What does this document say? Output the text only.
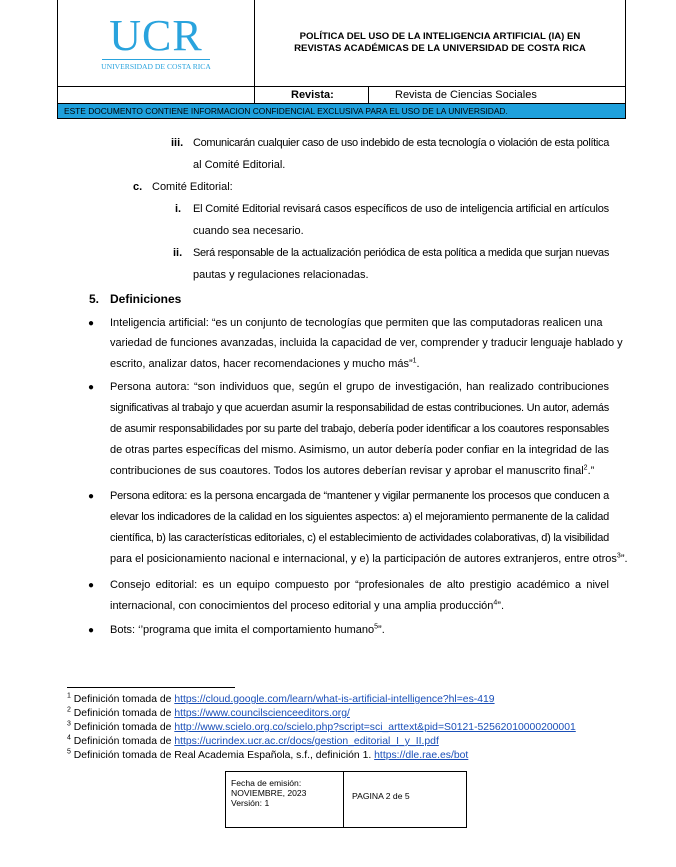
UCR
UNIVERSIDAD DE COSTA RICA
POLÍTICA DEL USO DE LA INTELIGENCIA ARTIFICIAL (IA) EN REVISTAS ACADÉMICAS DE LA UNIVERSIDAD DE COSTA RICA
Revista:	Revista de Ciencias Sociales
ESTE DOCUMENTO CONTIENE INFORMACION CONFIDENCIAL EXCLUSIVA PARA EL USO DE LA UNIVERSIDAD.
iii. Comunicarán cualquier caso de uso indebido de esta tecnología o violación de esta política
al Comité Editorial.
c. Comité Editorial:
i. El Comité Editorial revisará casos específicos de uso de inteligencia artificial en artículos
cuando sea necesario.
ii. Será responsable de la actualización periódica de esta política a medida que surjan nuevas
pautas y regulaciones relacionadas.
5. Definiciones
● Inteligencia artificial: “es un conjunto de tecnologías que permiten que las computadoras realicen una
variedad de funciones avanzadas, incluida la capacidad de ver, comprender y traducir lenguaje hablado y
escrito, analizar datos, hacer recomendaciones y mucho más”$^1$.
● Persona autora: “son individuos que, según el grupo de investigación, han realizado contribuciones
significativas al trabajo y que acuerdan asumir la responsabilidad de estas contribuciones. Un autor, además
de asumir responsabilidades por su parte del trabajo, debería poder identificar a los coautores responsables
de otras partes específicas del mismo. Asimismo, un autor debería poder confiar en la integridad de las
contribuciones de sus coautores. Todos los autores deberían revisar y aprobar el manuscrito final$^2$.”
● Persona editora: es la persona encargada de “mantener y vigilar permanente los procesos que conducen a
elevar los indicadores de la calidad en los siguientes aspectos: a) el mejoramiento permanente de la calidad
científica, b) las características editoriales, c) el establecimiento de actividades colaborativas, d) la visibilidad
para el posicionamiento nacional e internacional, y e) la participación de autores extranjeros, entre otros$^3$”.
● Consejo editorial: es un equipo compuesto por “profesionales de alto prestigio académico a nivel
internacional, con conocimientos del proceso editorial y una amplia producción$^4$”.
● Bots: ‘’programa que imita el comportamiento humano$^5$”.
$^1$ Definición tomada de https://cloud.google.com/learn/what-is-artificial-intelligence?hl=es-419
$^2$ Definición tomada de https://www.councilscienceeditors.org/
$^3$ Definición tomada de http://www.scielo.org.co/scielo.php?script=sci_arttext&pid=S0121-52562010000200001
$^4$ Definición tomada de https://ucrindex.ucr.ac.cr/docs/gestion_editorial_I_y_II.pdf
$^5$ Definición tomada de Real Academia Española, s.f., definición 1. https://dle.rae.es/bot
Fecha de emisión:
NOVIEMBRE, 2023
Versión: 1
PAGINA 2 de 5
